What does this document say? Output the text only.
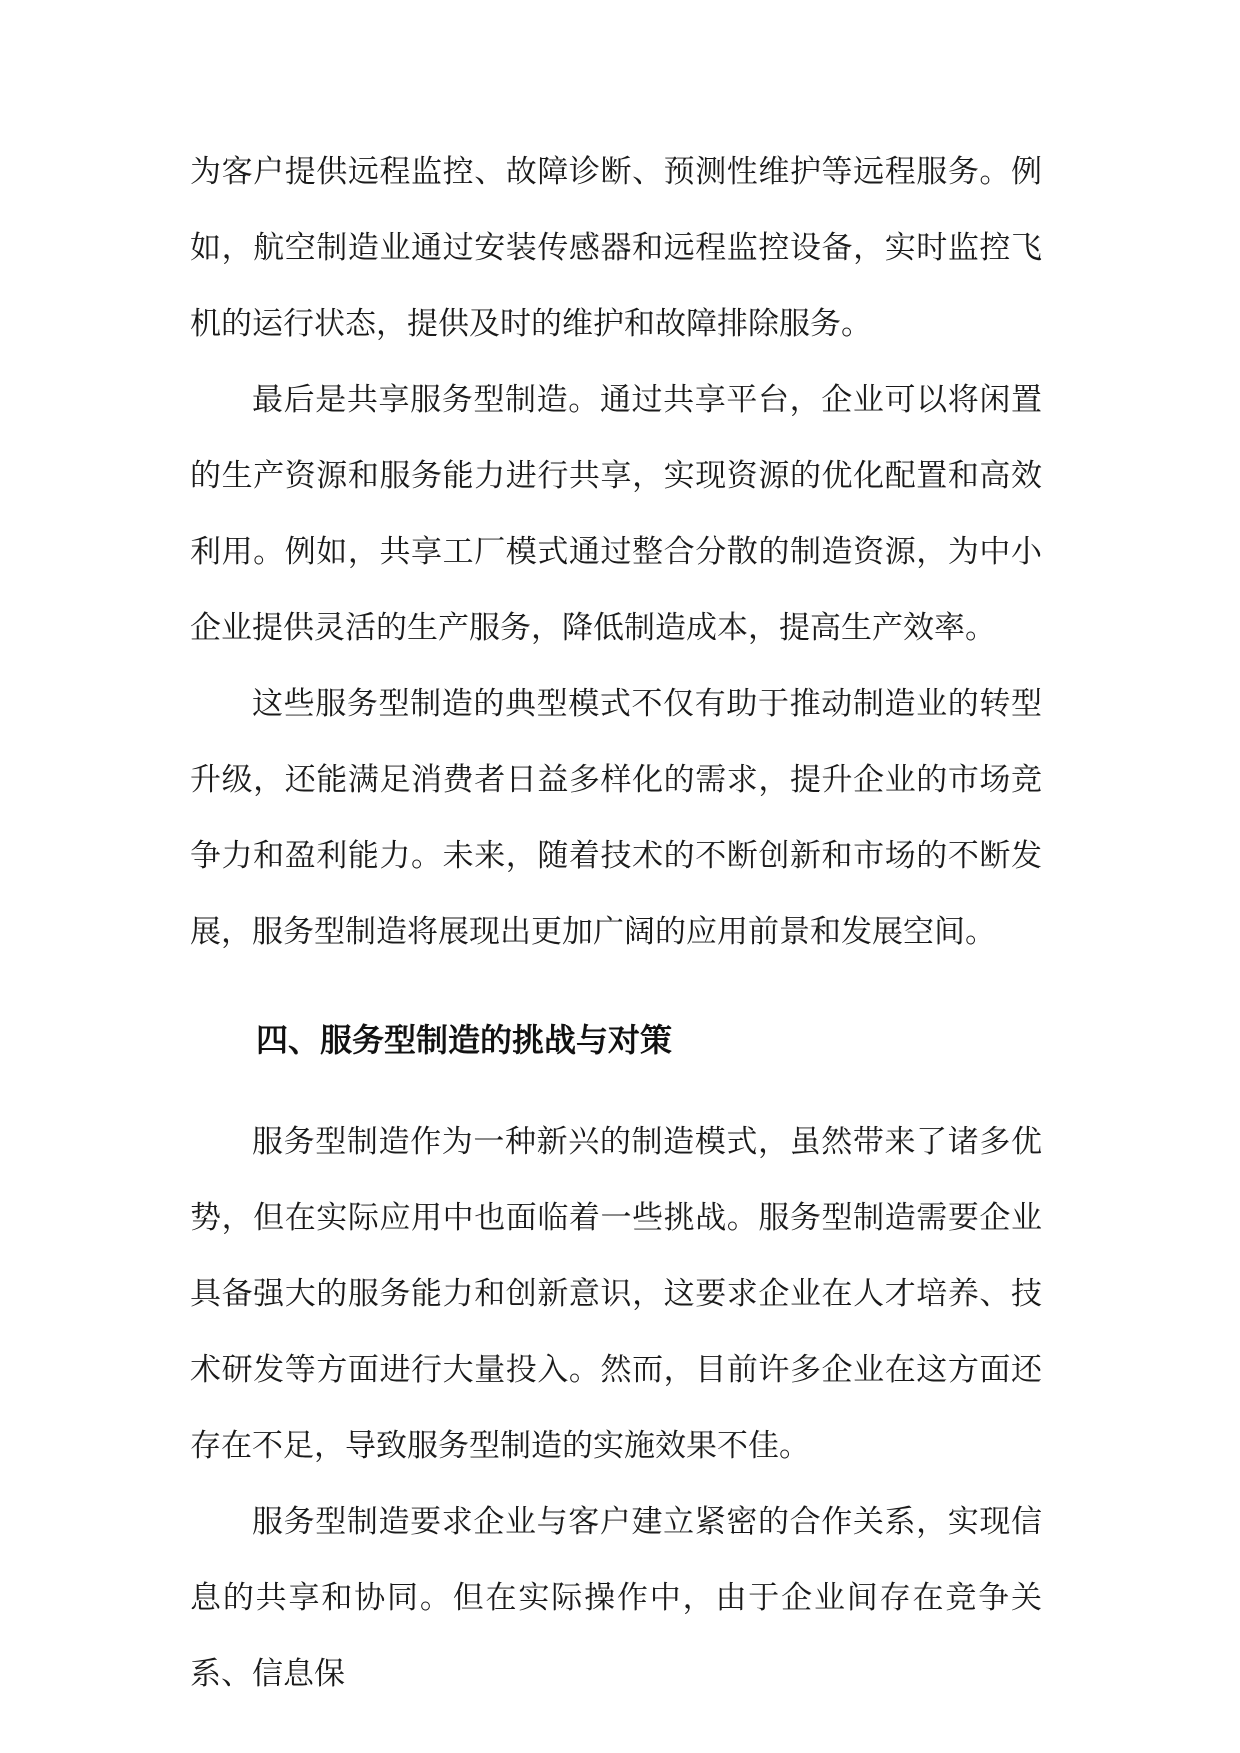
为客户提供远程监控、故障诊断、预测性维护等远程服务。例如，航空制造业通过安装传感器和远程监控设备，实时监控飞机的运行状态，提供及时的维护和故障排除服务。

最后是共享服务型制造。通过共享平台，企业可以将闲置的生产资源和服务能力进行共享，实现资源的优化配置和高效利用。例如，共享工厂模式通过整合分散的制造资源，为中小企业提供灵活的生产服务，降低制造成本，提高生产效率。

这些服务型制造的典型模式不仅有助于推动制造业的转型升级，还能满足消费者日益多样化的需求，提升企业的市场竞争力和盈利能力。未来，随着技术的不断创新和市场的不断发展，服务型制造将展现出更加广阔的应用前景和发展空间。

四、服务型制造的挑战与对策

服务型制造作为一种新兴的制造模式，虽然带来了诸多优势，但在实际应用中也面临着一些挑战。服务型制造需要企业具备强大的服务能力和创新意识，这要求企业在人才培养、技术研发等方面进行大量投入。然而，目前许多企业在这方面还存在不足，导致服务型制造的实施效果不佳。

服务型制造要求企业与客户建立紧密的合作关系，实现信息的共享和协同。但在实际操作中，由于企业间存在竞争关系、信息保
